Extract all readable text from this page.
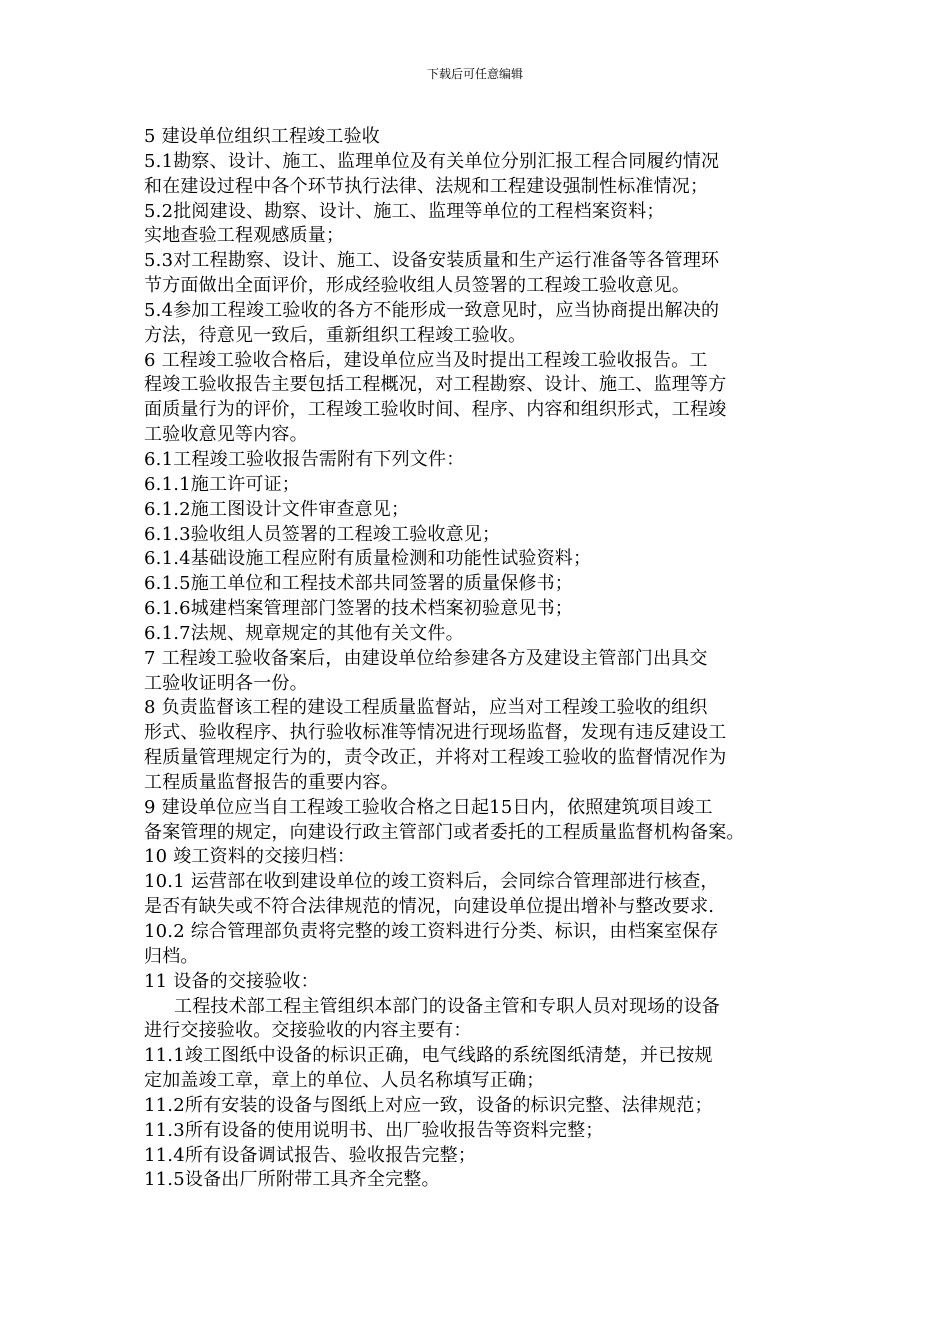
下载后可任意编辑
5 建设单位组织工程竣工验收
5.1勘察、设计、施工、监理单位及有关单位分别汇报工程合同履约情况
和在建设过程中各个环节执行法律、法规和工程建设强制性标准情况；
5.2批阅建设、勘察、设计、施工、监理等单位的工程档案资料；
实地查验工程观感质量；
5.3对工程勘察、设计、施工、设备安装质量和生产运行准备等各管理环
节方面做出全面评价，形成经验收组人员签署的工程竣工验收意见。
5.4参加工程竣工验收的各方不能形成一致意见时，应当协商提出解决的
方法，待意见一致后，重新组织工程竣工验收。
6 工程竣工验收合格后，建设单位应当及时提出工程竣工验收报告。工
程竣工验收报告主要包括工程概况，对工程勘察、设计、施工、监理等方
面质量行为的评价，工程竣工验收时间、程序、内容和组织形式，工程竣
工验收意见等内容。
6.1工程竣工验收报告需附有下列文件：
6.1.1施工许可证；
6.1.2施工图设计文件审查意见；
6.1.3验收组人员签署的工程竣工验收意见；
6.1.4基础设施工程应附有质量检测和功能性试验资料；
6.1.5施工单位和工程技术部共同签署的质量保修书；
6.1.6城建档案管理部门签署的技术档案初验意见书；
6.1.7法规、规章规定的其他有关文件。
7 工程竣工验收备案后，由建设单位给参建各方及建设主管部门出具交
工验收证明各一份。
8 负责监督该工程的建设工程质量监督站，应当对工程竣工验收的组织
形式、验收程序、执行验收标准等情况进行现场监督，发现有违反建设工
程质量管理规定行为的，责令改正，并将对工程竣工验收的监督情况作为
工程质量监督报告的重要内容。
9 建设单位应当自工程竣工验收合格之日起15日内，依照建筑项目竣工
备案管理的规定，向建设行政主管部门或者委托的工程质量监督机构备案。
10 竣工资料的交接归档：
10.1 运营部在收到建设单位的竣工资料后，会同综合管理部进行核查，
是否有缺失或不符合法律规范的情况，向建设单位提出增补与整改要求.
10.2 综合管理部负责将完整的竣工资料进行分类、标识，由档案室保存
归档。
11 设备的交接验收：
工程技术部工程主管组织本部门的设备主管和专职人员对现场的设备
进行交接验收。交接验收的内容主要有：
11.1竣工图纸中设备的标识正确，电气线路的系统图纸清楚，并已按规
定加盖竣工章，章上的单位、人员名称填写正确；
11.2所有安装的设备与图纸上对应一致，设备的标识完整、法律规范；
11.3所有设备的使用说明书、出厂验收报告等资料完整；
11.4所有设备调试报告、验收报告完整；
11.5设备出厂所附带工具齐全完整。
